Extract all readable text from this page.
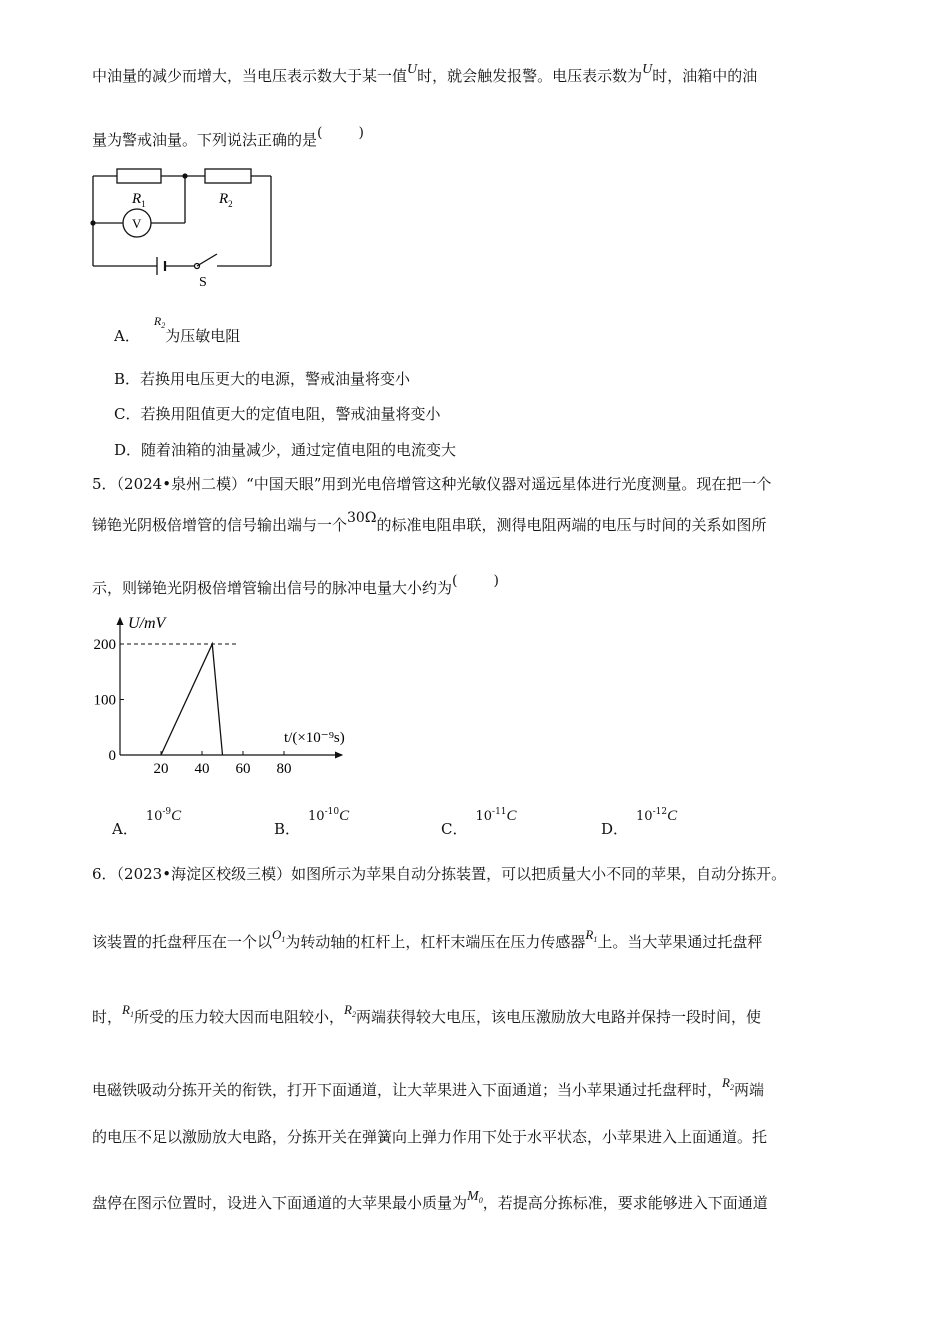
中油量的减少而增大，当电压表示数大于某一值U时，就会触发报警。电压表示数为U时，油箱中的油
量为警戒油量。下列说法正确的是(	)
$R_1$	$R_2$
V
S
A．$^{R_2}$为压敏电阻
B．若换用电压更大的电源，警戒油量将变小
C．若换用阻值更大的定值电阻，警戒油量将变小
D．随着油箱的油量减少，通过定值电阻的电流变大
5．（2024•泉州二模）“中国天眼”用到光电倍增管这种光敏仪器对遥远星体进行光度测量。现在把一个
锑铯光阴极倍增管的信号输出端与一个30Ω的标准电阻串联，测得电阻两端的电压与时间的关系如图所
示，则锑铯光阴极倍增管输出信号的脉冲电量大小约为(	)
U/mV
t/(×10⁻⁹s)
0
100
200
20 40 60 80
A．$10^{-9}C$
B．$10^{-10}C$
C．$10^{-11}C$
D．$10^{-12}C$
6．（2023•海淀区校级三模）如图所示为苹果自动分拣装置，可以把质量大小不同的苹果，自动分拣开。
该装置的托盘秤压在一个以$O_1$为转动轴的杠杆上，杠杆末端压在压力传感器$R_1$上。当大苹果通过托盘秤
时，$R_1$所受的压力较大因而电阻较小，$R_2$两端获得较大电压，该电压激励放大电路并保持一段时间，使
电磁铁吸动分拣开关的衔铁，打开下面通道，让大苹果进入下面通道；当小苹果通过托盘秤时，$R_2$两端
的电压不足以激励放大电路，分拣开关在弹簧向上弹力作用下处于水平状态，小苹果进入上面通道。托
盘停在图示位置时，设进入下面通道的大苹果最小质量为$M_0$，若提高分拣标准，要求能够进入下面通道
